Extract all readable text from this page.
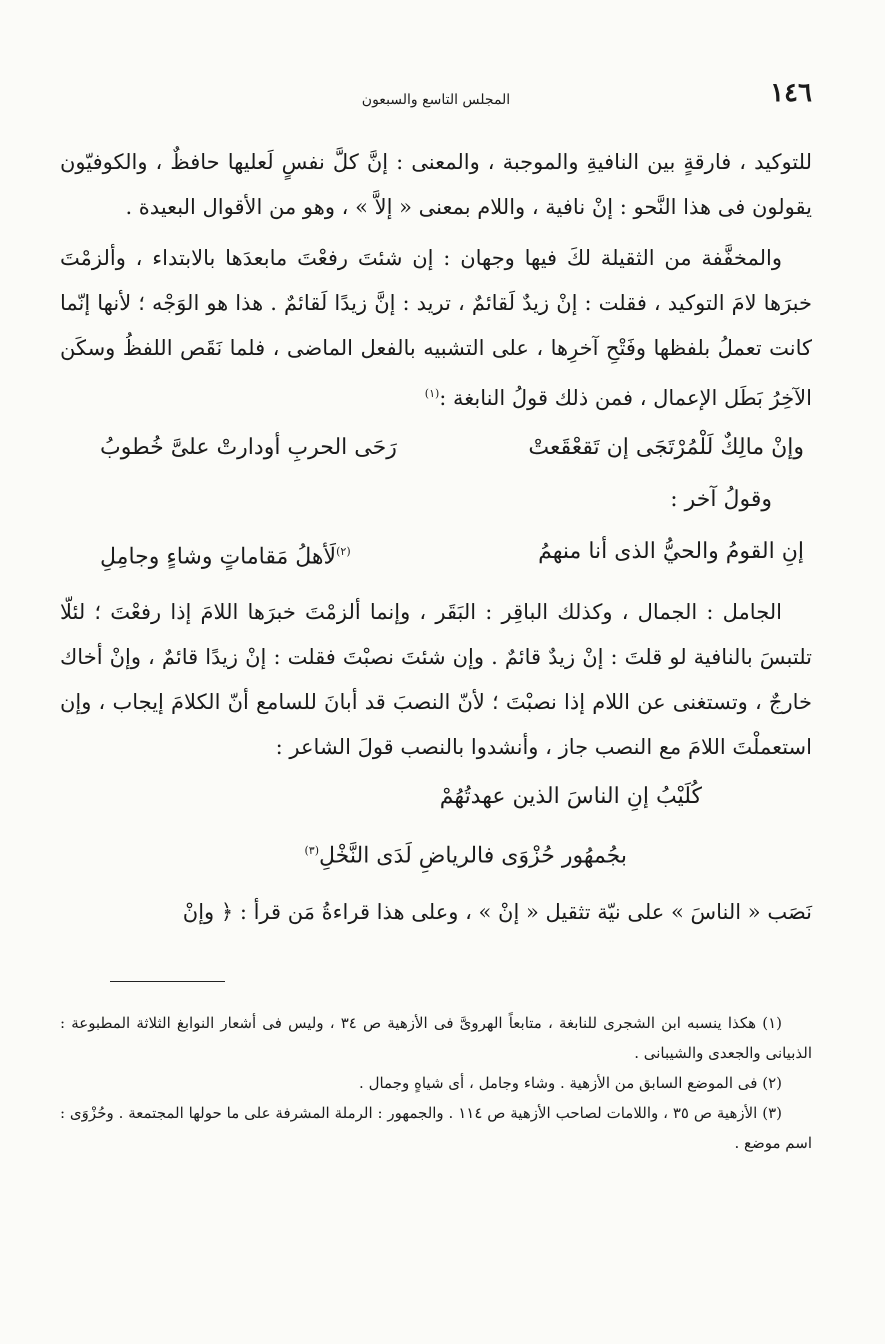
١٤٦
المجلس التاسع والسبعون

للتوكيد ، فارقةٍ بين النافيةِ والموجبة ، والمعنى : إنَّ كلَّ نفسٍ لَعليها حافظٌ ، والكوفيّون يقولون فى هذا النَّحو : إنْ نافية ، واللام بمعنى « إلاَّ » ، وهو من الأقوال البعيدة .

والمخفَّفة من الثقيلة لكَ فيها وجهان : إن شئتَ رفعْتَ مابعدَها بالابتداء ، وألزمْتَ خبرَها لامَ التوكيد ، فقلت : إنْ زيدٌ لَقائمٌ ، تريد : إنَّ زيدًا لَقائمٌ . هذا هو الوَجْه ؛ لأنها إنّما كانت تعملُ بلفظها وفَتْحِ آخرِها ، على التشبيه بالفعل الماضى ، فلما نَقَص اللفظُ وسكَن الآخِرُ بَطَل الإعمال ، فمن ذلك قولُ النابغة :$^{(١)}$

وإنْ مالِكٌ لَلْمُرْتَجَى إن تَقعْقَعتْ
رَحَى الحربِ أودارتْ علىَّ خُطوبُ
وقولُ آخر :
إنِ القومُ والحيُّ الذى أنا منهمُ
$^{(٢)}$لَأهلُ مَقاماتٍ وشاءٍ وجامِلِ

الجامل : الجمال ، وكذلك الباقِر : البَقَر ، وإنما ألزمْتَ خبرَها اللامَ إذا رفعْتَ ؛ لئلّا تلتبسَ بالنافية لو قلتَ : إنْ زيدٌ قائمٌ . وإن شئتَ نصبْتَ فقلت : إنْ زيدًا قائمٌ ، وإنْ أخاك خارجٌ ، وتستغنى عن اللام إذا نصبْتَ ؛ لأنّ النصبَ قد أبانَ للسامع أنّ الكلامَ إيجاب ، وإن استعملْتَ اللامَ مع النصب جاز ، وأنشدوا بالنصب قولَ الشاعر :

كُلَيْبُ إنِ الناسَ الذين عهدتُهُمْ
بجُمهُور حُزْوَى فالرياضِ لَدَى النَّخْلِ$^{(٣)}$

نَصَب « الناسَ » على نيّة تثقيل « إنْ » ، وعلى هذا قراءةُ مَن قرأ : ﴿ وإنْ

(١) هكذا ينسبه ابن الشجرى للنابغة ، متابعاً الهروىَّ فى الأزهية ص ٣٤ ، وليس فى أشعار النوابغ الثلاثة المطبوعة : الذبيانى والجعدى والشيبانى .

(٢) فى الموضع السابق من الأزهية . وشاء وجامل ، أى شياهٍ وجمال .

(٣) الأزهية ص ٣٥ ، واللامات لصاحب الأزهية ص ١١٤ . والجمهور : الرملة المشرفة على ما حولها المجتمعة . وحُزْوَى : اسم موضع .
